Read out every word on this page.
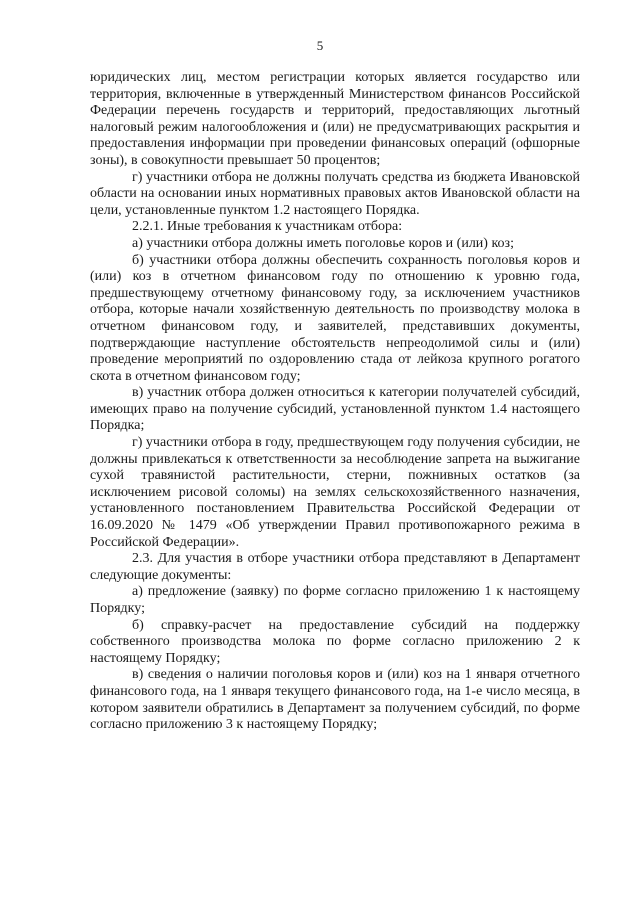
5

юридических лиц, местом регистрации которых является государство или территория, включенные в утвержденный Министерством финансов Российской Федерации перечень государств и территорий, предоставляющих льготный налоговый режим налогообложения и (или) не предусматривающих раскрытия и предоставления информации при проведении финансовых операций (офшорные зоны), в совокупности превышает 50 процентов;

г) участники отбора не должны получать средства из бюджета Ивановской области на основании иных нормативных правовых актов Ивановской области на цели, установленные пунктом 1.2 настоящего Порядка.

2.2.1. Иные требования к участникам отбора:

а) участники отбора должны иметь поголовье коров и (или) коз;

б) участники отбора должны обеспечить сохранность поголовья коров и (или) коз в отчетном финансовом году по отношению к уровню года, предшествующему отчетному финансовому году, за исключением участников отбора, которые начали хозяйственную деятельность по производству молока в отчетном финансовом году, и заявителей, представивших документы, подтверждающие наступление обстоятельств непреодолимой силы и (или) проведение мероприятий по оздоровлению стада от лейкоза крупного рогатого скота в отчетном финансовом году;

в) участник отбора должен относиться к категории получателей субсидий, имеющих право на получение субсидий, установленной пунктом 1.4 настоящего Порядка;

г) участники отбора в году, предшествующем году получения субсидии, не должны привлекаться к ответственности за несоблюдение запрета на выжигание сухой травянистой растительности, стерни, пожнивных остатков (за исключением рисовой соломы) на землях сельскохозяйственного назначения, установленного постановлением Правительства Российской Федерации от 16.09.2020 № 1479 «Об утверждении Правил противопожарного режима в Российской Федерации».

2.3. Для участия в отборе участники отбора представляют в Департамент следующие документы:

а) предложение (заявку) по форме согласно приложению 1 к настоящему Порядку;

б) справку-расчет на предоставление субсидий на поддержку собственного производства молока по форме согласно приложению 2 к настоящему Порядку;

в) сведения о наличии поголовья коров и (или) коз на 1 января отчетного финансового года, на 1 января текущего финансового года, на 1-е число месяца, в котором заявители обратились в Департамент за получением субсидий, по форме согласно приложению 3 к настоящему Порядку;
